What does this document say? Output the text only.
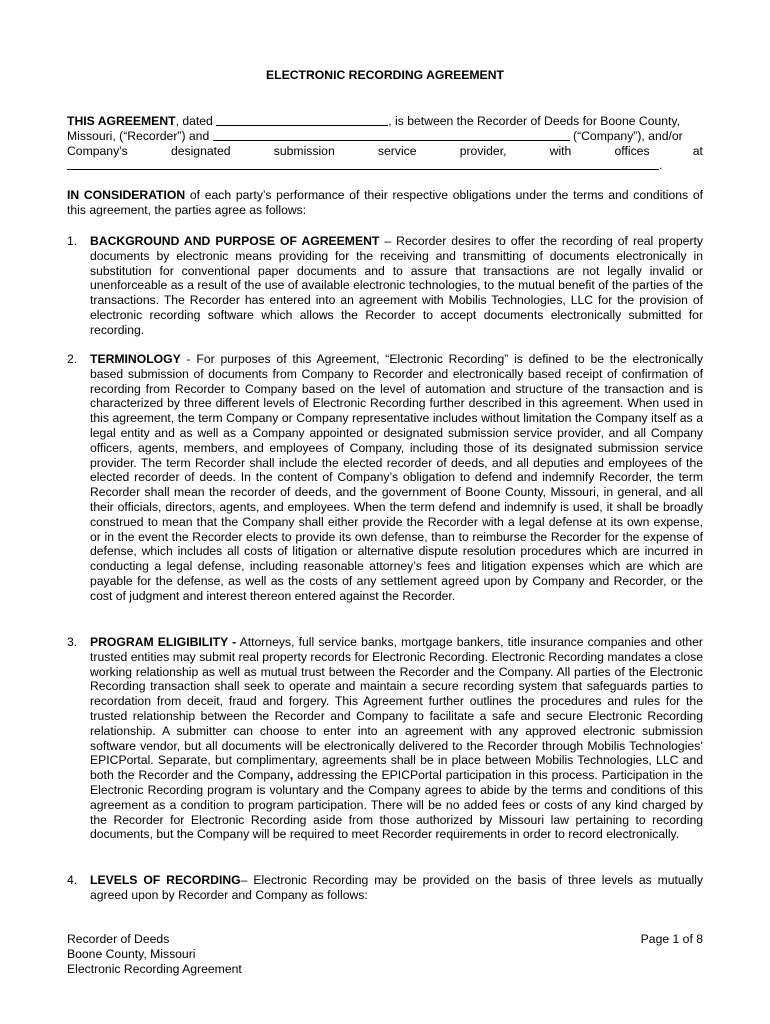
ELECTRONIC RECORDING AGREEMENT
THIS AGREEMENT , dated
	, is between the Recorder of Deeds for Boone County,
Missouri, (“Recorder”) and

	(“Company”), and/or
Company’s	designated	submission	service	provider,	with	offices	at
.
IN CONSIDERATION of each party’s performance of their respective obligations under the terms and conditions of this agreement, the parties agree as follows:
1. BACKGROUND AND PURPOSE OF AGREEMENT – Recorder desires to offer the recording of real property documents by electronic means providing for the receiving and transmitting of documents electronically in substitution for conventional paper documents and to assure that transactions are not legally invalid or unenforceable as a result of the use of available electronic technologies, to the mutual benefit of the parties of the transactions. The Recorder has entered into an agreement with Mobilis Technologies, LLC for the provision of electronic recording software which allows the Recorder to accept documents electronically submitted for recording.
2. TERMINOLOGY - For purposes of this Agreement, “Electronic Recording” is defined to be the electronically based submission of documents from Company to Recorder and electronically based receipt of confirmation of recording from Recorder to Company based on the level of automation and structure of the transaction and is characterized by three different levels of Electronic Recording further described in this agreement. When used in this agreement, the term Company or Company representative includes without limitation the Company itself as a legal entity and as well as a Company appointed or designated submission service provider, and all Company officers, agents, members, and employees of Company, including those of its designated submission service provider. The term Recorder shall include the elected recorder of deeds, and all deputies and employees of the elected recorder of deeds. In the content of Company’s obligation to defend and indemnify Recorder, the term Recorder shall mean the recorder of deeds, and the government of Boone County, Missouri, in general, and all their officials, directors, agents, and employees. When the term defend and indemnify is used, it shall be broadly construed to mean that the Company shall either provide the Recorder with a legal defense at its own expense, or in the event the Recorder elects to provide its own defense, than to reimburse the Recorder for the expense of defense, which includes all costs of litigation or alternative dispute resolution procedures which are incurred in conducting a legal defense, including reasonable attorney’s fees and litigation expenses which are which are payable for the defense, as well as the costs of any settlement agreed upon by Company and Recorder, or the cost of judgment and interest thereon entered against the Recorder.
3. PROGRAM ELIGIBILITY - Attorneys, full service banks, mortgage bankers, title insurance companies and other trusted entities may submit real property records for Electronic Recording. Electronic Recording mandates a close working relationship as well as mutual trust between the Recorder and the Company. All parties of the Electronic Recording transaction shall seek to operate and maintain a secure recording system that safeguards parties to recordation from deceit, fraud and forgery. This Agreement further outlines the procedures and rules for the trusted relationship between the Recorder and Company to facilitate a safe and secure Electronic Recording relationship. A submitter can choose to enter into an agreement with any approved electronic submission software vendor, but all documents will be electronically delivered to the Recorder through Mobilis Technologies’ EPICPortal. Separate, but complimentary, agreements shall be in place between Mobilis Technologies, LLC and both the Recorder and the Company, addressing the EPICPortal participation in this process. Participation in the Electronic Recording program is voluntary and the Company agrees to abide by the terms and conditions of this agreement as a condition to program participation. There will be no added fees or costs of any kind charged by the Recorder for Electronic Recording aside from those authorized by Missouri law pertaining to recording documents, but the Company will be required to meet Recorder requirements in order to record electronically.
4. LEVELS OF RECORDING– Electronic Recording may be provided on the basis of three levels as mutually agreed upon by Recorder and Company as follows:
Recorder of Deeds
Boone County, Missouri
Electronic Recording Agreement
Page 1 of 8
